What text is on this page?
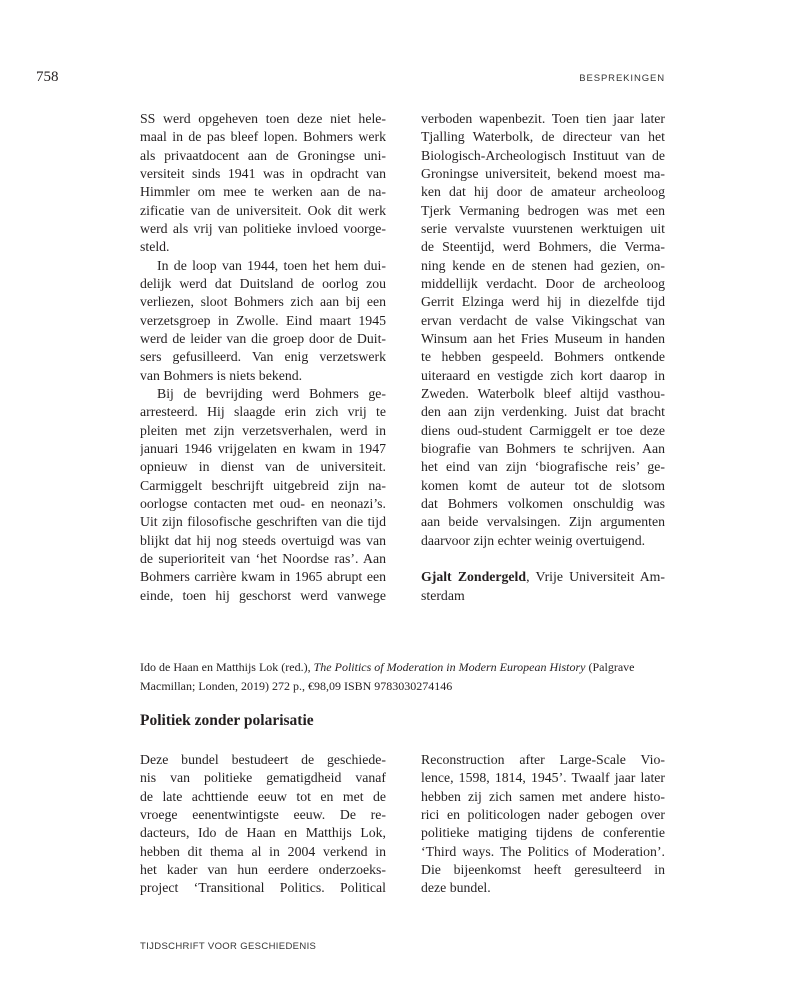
758	BESPREKINGEN
SS werd opgeheven toen deze niet hele-
maal in de pas bleef lopen. Bohmers werk
als privaatdocent aan de Groningse uni-
versiteit sinds 1941 was in opdracht van
Himmler om mee te werken aan de na-
zificatie van de universiteit. Ook dit werk
werd als vrij van politieke invloed voorge-
steld.
In de loop van 1944, toen het hem dui-
delijk werd dat Duitsland de oorlog zou
verliezen, sloot Bohmers zich aan bij een
verzetsgroep in Zwolle. Eind maart 1945
werd de leider van die groep door de Duit-
sers gefusilleerd. Van enig verzetswerk
van Bohmers is niets bekend.
Bij de bevrijding werd Bohmers ge-
arresteerd. Hij slaagde erin zich vrij te
pleiten met zijn verzetsverhalen, werd in
januari 1946 vrijgelaten en kwam in 1947
opnieuw in dienst van de universiteit.
Carmiggelt beschrijft uitgebreid zijn na-
oorlogse contacten met oud- en neonazi’s.
Uit zijn filosofische geschriften van die tijd
blijkt dat hij nog steeds overtuigd was van
de superioriteit van ‘het Noordse ras’. Aan
Bohmers carrière kwam in 1965 abrupt een
einde, toen hij geschorst werd vanwege
verboden wapenbezit. Toen tien jaar later
Tjalling Waterbolk, de directeur van het
Biologisch-Archeologisch Instituut van de
Groningse universiteit, bekend moest ma-
ken dat hij door de amateur archeoloog
Tjerk Vermaning bedrogen was met een
serie vervalste vuurstenen werktuigen uit
de Steentijd, werd Bohmers, die Verma-
ning kende en de stenen had gezien, on-
middellijk verdacht. Door de archeoloog
Gerrit Elzinga werd hij in diezelfde tijd
ervan verdacht de valse Vikingschat van
Winsum aan het Fries Museum in handen
te hebben gespeeld. Bohmers ontkende
uiteraard en vestigde zich kort daarop in
Zweden. Waterbolk bleef altijd vasthou-
den aan zijn verdenking. Juist dat bracht
diens oud-student Carmiggelt er toe deze
biografie van Bohmers te schrijven. Aan
het eind van zijn ‘biografische reis’ ge-
komen komt de auteur tot de slotsom
dat Bohmers volkomen onschuldig was
aan beide vervalsingen. Zijn argumenten
daarvoor zijn echter weinig overtuigend.
Gjalt Zondergeld, Vrije Universiteit Am-
sterdam
Ido de Haan en Matthijs Lok (red.), The Politics of Moderation in Modern European History (Palgrave
Macmillan; Londen, 2019) 272 p., €98,09 ISBN 9783030274146
Politiek zonder polarisatie
Deze bundel bestudeert de geschiede-
nis van politieke gematigdheid vanaf
de late achttiende eeuw tot en met de
vroege eenentwintigste eeuw. De re-
dacteurs, Ido de Haan en Matthijs Lok,
hebben dit thema al in 2004 verkend in
het kader van hun eerdere onderzoeks-
project ‘Transitional Politics. Political
Reconstruction after Large-Scale Vio-
lence, 1598, 1814, 1945’. Twaalf jaar later
hebben zij zich samen met andere histo-
rici en politicologen nader gebogen over
politieke matiging tijdens de conferentie
‘Third ways. The Politics of Moderation’.
Die bijeenkomst heeft geresulteerd in
deze bundel.
TIJDSCHRIFT VOOR GESCHIEDENIS
